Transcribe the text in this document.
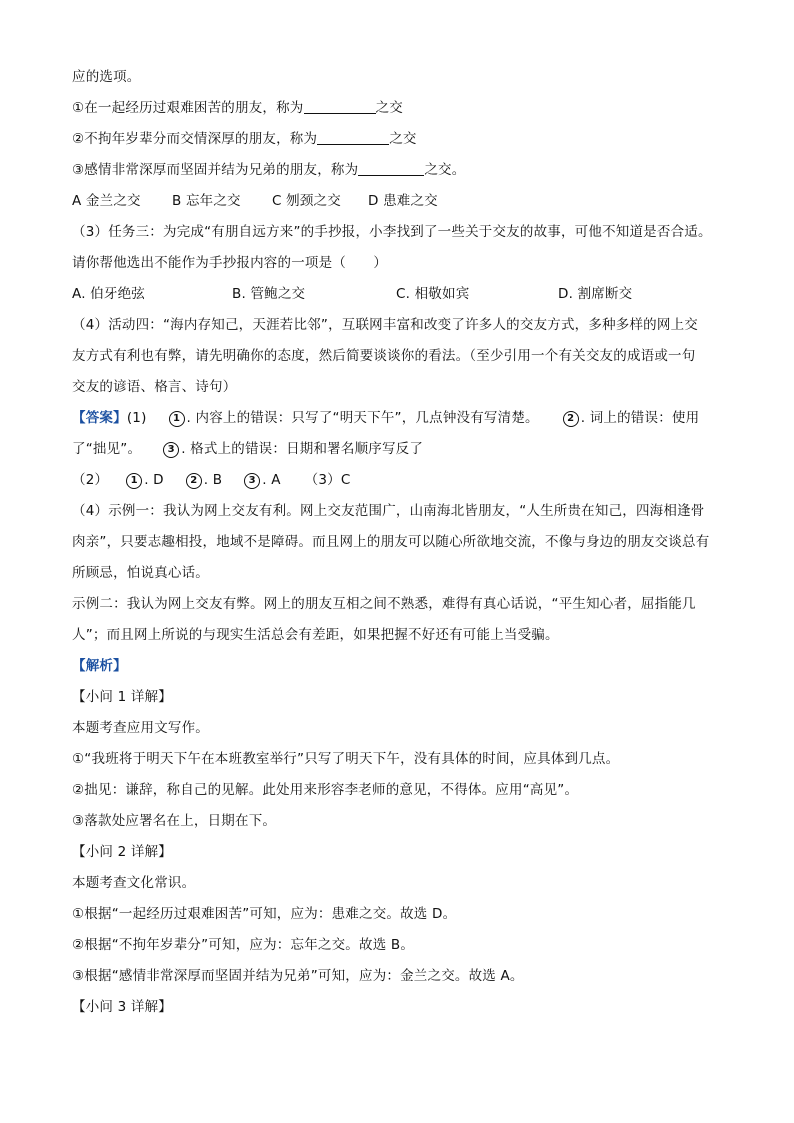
应的选项。
①在一起经历过艰难困苦的朋友，称为	之交
②不拘年岁辈分而交情深厚的朋友，称为	之交
③感情非常深厚而坚固并结为兄弟的朋友，称为	之交。
A 金兰之交 B 忘年之交 C 刎颈之交 D 患难之交
（3）任务三：为完成“有朋自远方来”的手抄报，小李找到了一些关于交友的故事，可他不知道是否合适。
请你帮他选出不能作为手抄报内容的一项是（　　）
A. 伯牙绝弦	B. 管鲍之交	C. 相敬如宾	D. 割席断交
（4）活动四：“海内存知己，天涯若比邻”，互联网丰富和改变了许多人的交友方式，多种多样的网上交
友方式有利也有弊，请先明确你的态度，然后简要谈谈你的看法。（至少引用一个有关交友的成语或一句
交友的谚语、格言、诗句）
【答案】(1)	1 . 内容上的错误：只写了“明天下午”，几点钟没有写清楚。	2 . 词上的错误：使用
了“拙见”。	3 . 格式上的错误：日期和署名顺序写反了
（2） 1 . D	2 . B	3 . A （3）C
（4）示例一：我认为网上交友有利。网上交友范围广，山南海北皆朋友，“人生所贵在知己，四海相逢骨
肉亲”，只要志趣相投，地域不是障碍。而且网上的朋友可以随心所欲地交流，不像与身边的朋友交谈总有
所顾忌，怕说真心话。
示例二：我认为网上交友有弊。网上的朋友互相之间不熟悉，难得有真心话说，“平生知心者，屈指能几
人”；而且网上所说的与现实生活总会有差距，如果把握不好还有可能上当受骗。
【解析】
【小问 1 详解】
本题考查应用文写作。
①“我班将于明天下午在本班教室举行”只写了明天下午，没有具体的时间，应具体到几点。
②拙见：谦辞，称自己的见解。此处用来形容李老师的意见，不得体。应用“高见”。
③落款处应署名在上，日期在下。
【小问 2 详解】
本题考查文化常识。
①根据“一起经历过艰难困苦”可知，应为：患难之交。故选 D。
②根据“不拘年岁辈分”可知，应为：忘年之交。故选 B。
③根据“感情非常深厚而坚固并结为兄弟”可知，应为：金兰之交。故选 A。
【小问 3 详解】
